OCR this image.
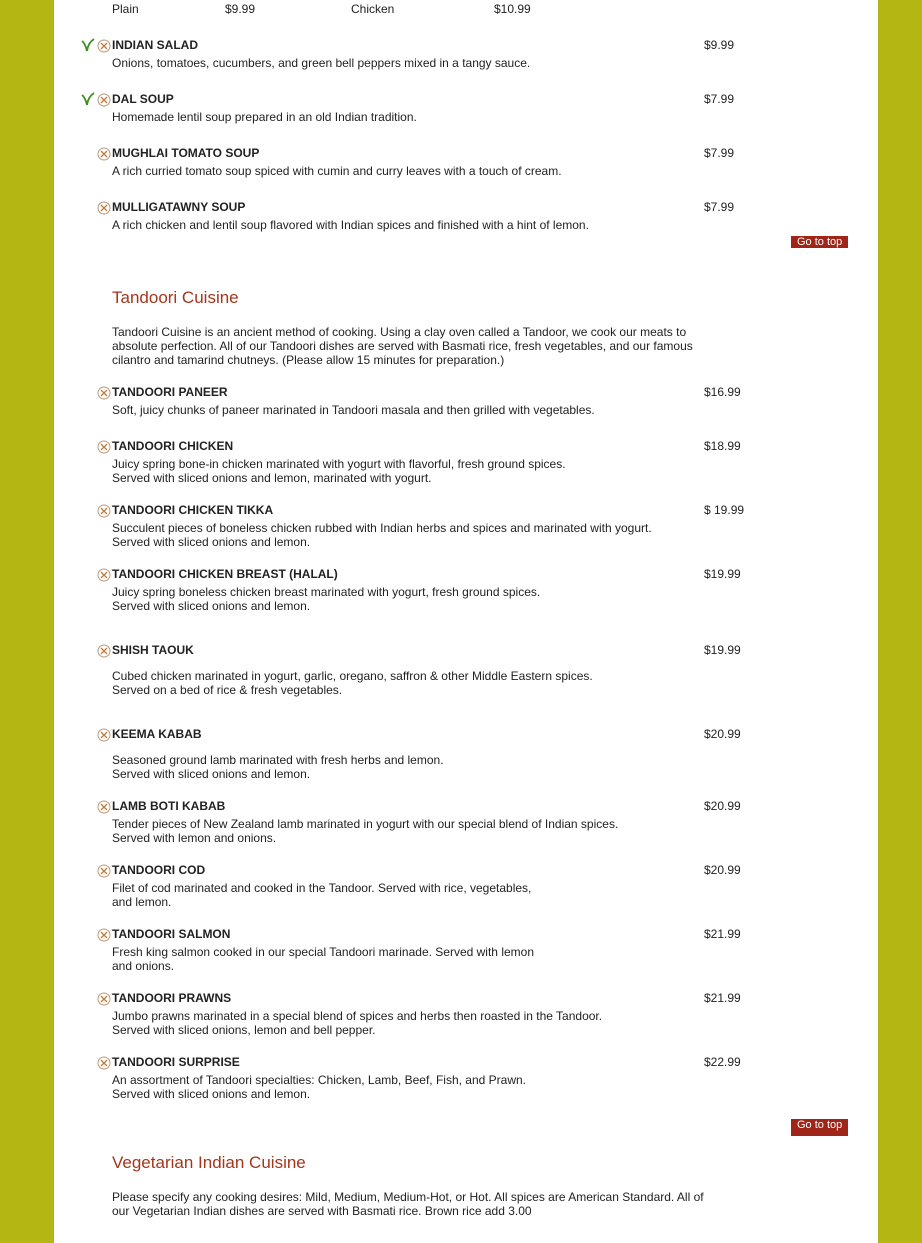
Plain	$9.99	Chicken	$10.99
INDIAN SALAD	$9.99
Onions, tomatoes, cucumbers, and green bell peppers mixed in a tangy sauce.
DAL SOUP	$7.99
Homemade lentil soup prepared in an old Indian tradition.
MUGHLAI TOMATO SOUP	$7.99
A rich curried tomato soup spiced with cumin and curry leaves with a touch of cream.
MULLIGATAWNY SOUP	$7.99
A rich chicken and lentil soup flavored with Indian spices and finished with a hint of lemon.
Go to top
Tandoori Cuisine
Tandoori Cuisine is an ancient method of cooking. Using a clay oven called a Tandoor, we cook our meats to absolute perfection. All of our Tandoori dishes are served with Basmati rice, fresh vegetables, and our famous cilantro and tamarind chutneys. (Please allow 15 minutes for preparation.)
TANDOORI PANEER	$16.99
Soft, juicy chunks of paneer marinated in Tandoori masala and then grilled with vegetables.
TANDOORI CHICKEN	$18.99
Juicy spring bone-in chicken marinated with yogurt with flavorful, fresh ground spices.
Served with sliced onions and lemon, marinated with yogurt.
TANDOORI CHICKEN TIKKA	$ 19.99
Succulent pieces of boneless chicken rubbed with Indian herbs and spices and marinated with yogurt.
Served with sliced onions and lemon.
TANDOORI CHICKEN BREAST (HALAL)	$19.99
Juicy spring boneless chicken breast marinated with yogurt, fresh ground spices.
Served with sliced onions and lemon.
SHISH TAOUK	$19.99
Cubed chicken marinated in yogurt, garlic, oregano, saffron & other Middle Eastern spices.
Served on a bed of rice & fresh vegetables.
KEEMA KABAB	$20.99
Seasoned ground lamb marinated with fresh herbs and lemon.
Served with sliced onions and lemon.
LAMB BOTI KABAB	$20.99
Tender pieces of New Zealand lamb marinated in yogurt with our special blend of Indian spices.
Served with lemon and onions.
TANDOORI COD	$20.99
Filet of cod marinated and cooked in the Tandoor. Served with rice, vegetables,
and lemon.
TANDOORI SALMON	$21.99
Fresh king salmon cooked in our special Tandoori marinade. Served with lemon
and onions.
TANDOORI PRAWNS	$21.99
Jumbo prawns marinated in a special blend of spices and herbs then roasted in the Tandoor.
Served with sliced onions, lemon and bell pepper.
TANDOORI SURPRISE	$22.99
An assortment of Tandoori specialties: Chicken, Lamb, Beef, Fish, and Prawn.
Served with sliced onions and lemon.
Go to top
Vegetarian Indian Cuisine
Please specify any cooking desires: Mild, Medium, Medium-Hot, or Hot. All spices are American Standard. All of our Vegetarian Indian dishes are served with Basmati rice. Brown rice add 3.00
